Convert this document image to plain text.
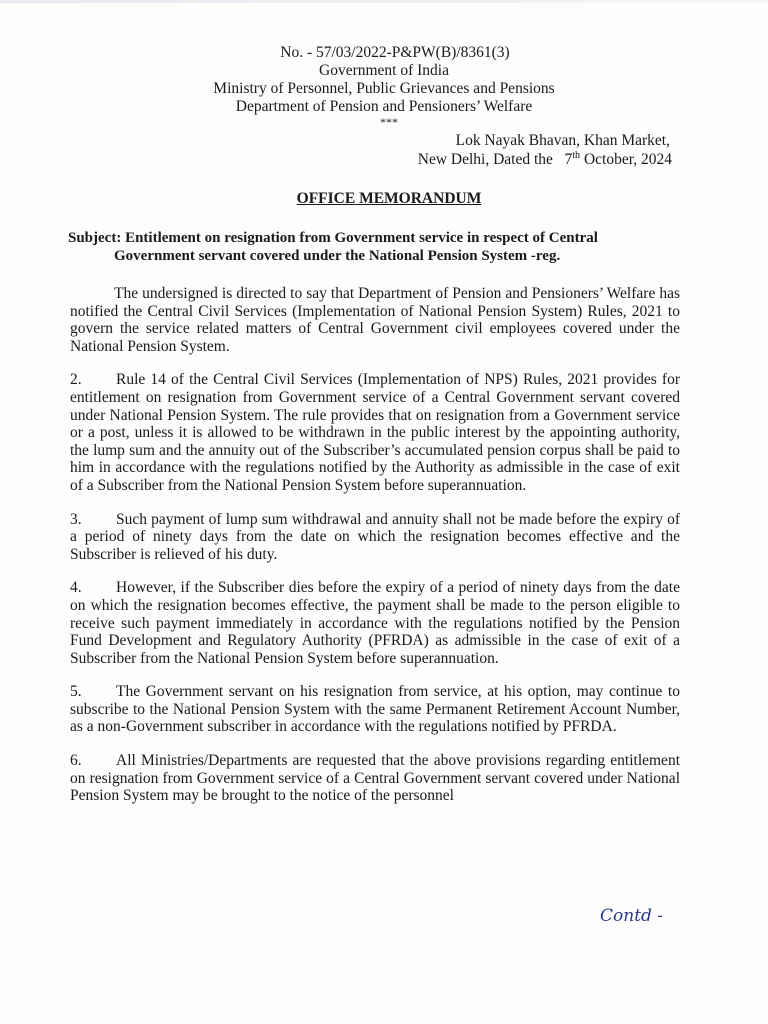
No. - 57/03/2022-P&PW(B)/8361(3)
Government of India
Ministry of Personnel, Public Grievances and Pensions
Department of Pension and Pensioners’ Welfare
***
Lok Nayak Bhavan, Khan Market,
New Delhi, Dated the 7th October, 2024
OFFICE MEMORANDUM
Subject: Entitlement on resignation from Government service in respect of Central
Government servant covered under the National Pension System -reg.

The undersigned is directed to say that Department of Pension and Pensioners’ Welfare has notified the Central Civil Services (Implementation of National Pension System) Rules, 2021 to govern the service related matters of Central Government civil employees covered under the National Pension System.

2. Rule 14 of the Central Civil Services (Implementation of NPS) Rules, 2021 provides for entitlement on resignation from Government service of a Central Government servant covered under National Pension System. The rule provides that on resignation from a Government service or a post, unless it is allowed to be withdrawn in the public interest by the appointing authority, the lump sum and the annuity out of the Subscriber’s accumulated pension corpus shall be paid to him in accordance with the regulations notified by the Authority as admissible in the case of exit of a Subscriber from the National Pension System before superannuation.

3. Such payment of lump sum withdrawal and annuity shall not be made before the expiry of a period of ninety days from the date on which the resignation becomes effective and the Subscriber is relieved of his duty.

4. However, if the Subscriber dies before the expiry of a period of ninety days from the date on which the resignation becomes effective, the payment shall be made to the person eligible to receive such payment immediately in accordance with the regulations notified by the Pension Fund Development and Regulatory Authority (PFRDA) as admissible in the case of exit of a Subscriber from the National Pension System before superannuation.

5. The Government servant on his resignation from service, at his option, may continue to subscribe to the National Pension System with the same Permanent Retirement Account Number, as a non-Government subscriber in accordance with the regulations notified by PFRDA.

6. All Ministries/Departments are requested that the above provisions regarding entitlement on resignation from Government service of a Central Government servant covered under National Pension System may be brought to the notice of the personnel

Contd -
